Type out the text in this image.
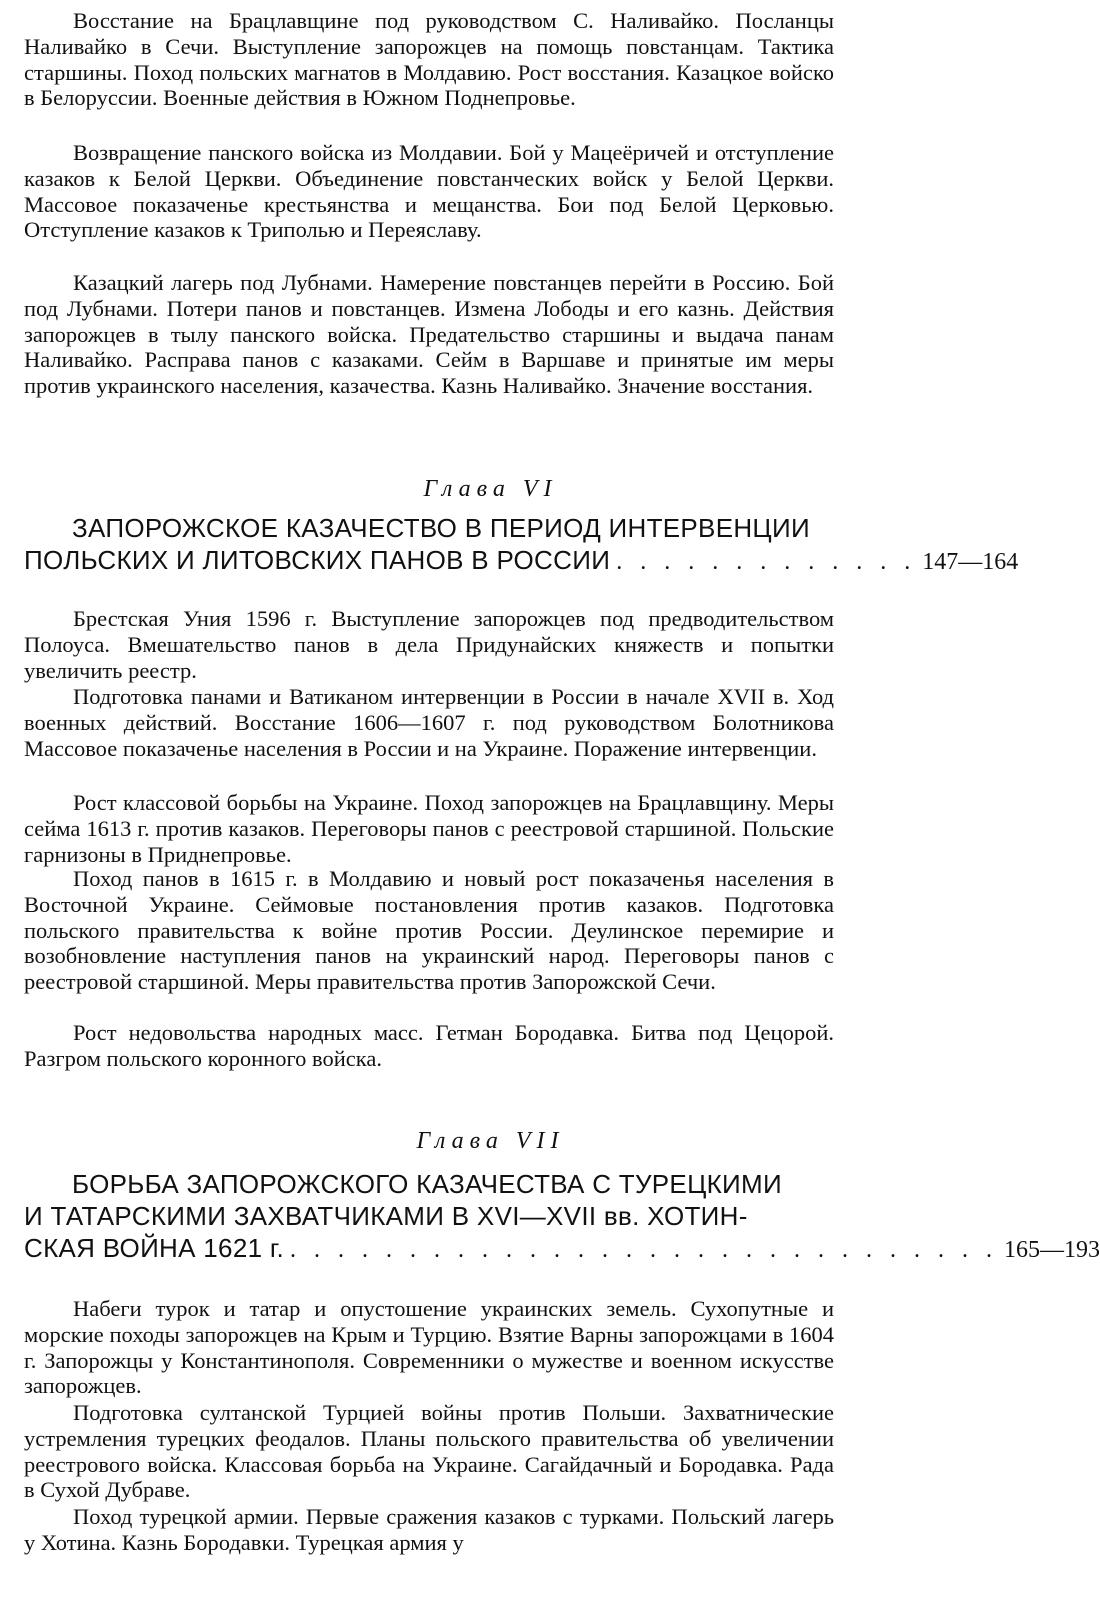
Восстание на Брацлавщине под руководством С. Наливайко. Посланцы Наливайко в Сечи. Выступление запорожцев на помощь повстанцам. Тактика старшины. Поход польских магнатов в Молдавию. Рост восстания. Казацкое войско в Белоруссии. Военные действия в Южном Поднепровье.

Возвращение панского войска из Молдавии. Бой у Мацеёричей и отступление казаков к Белой Церкви. Объединение повстанческих войск у Белой Церкви. Массовое показаченье крестьянства и мещанства. Бои под Белой Церковью. Отступление казаков к Триполью и Переяславу.

Казацкий лагерь под Лубнами. Намерение повстанцев перейти в Россию. Бой под Лубнами. Потери панов и повстанцев. Измена Лободы и его казнь. Действия запорожцев в тылу панского войска. Предательство старшины и выдача панам Наливайко. Расправа панов с казаками. Сейм в Варшаве и принятые им меры против украинского населения, казачества. Казнь Наливайко. Значение восстания.

Глава VI
ЗАПОРОЖСКОЕ КАЗАЧЕСТВО В ПЕРИОД ИНТЕРВЕНЦИИ
ПОЛЬСКИХ И ЛИТОВСКИХ ПАНОВ В РОССИИ . . . . . . . . . . . . . 147—164

Брестская Уния 1596 г. Выступление запорожцев под предводительством Полоуса. Вмешательство панов в дела Придунайских княжеств и попытки увеличить реестр.

Подготовка панами и Ватиканом интервенции в России в начале XVII в. Ход военных действий. Восстание 1606—1607 г. под руководством Болотникова Массовое показаченье населения в России и на Украине. Поражение интервенции.

Рост классовой борьбы на Украине. Поход запорожцев на Брацлавщину. Меры сейма 1613 г. против казаков. Переговоры панов с реестровой старшиной. Польские гарнизоны в Приднепровье.

Поход панов в 1615 г. в Молдавию и новый рост показаченья населения в Восточной Украине. Сеймовые постановления против казаков. Подготовка польского правительства к войне против России. Деулинское перемирие и возобновление наступления панов на украинский народ. Переговоры панов с реестровой старшиной. Меры правительства против Запорожской Сечи.

Рост недовольства народных масс. Гетман Бородавка. Битва под Цецорой. Разгром польского коронного войска.

Глава VII
БОРЬБА ЗАПОРОЖСКОГО КАЗАЧЕСТВА С ТУРЕЦКИМИ
И ТАТАРСКИМИ ЗАХВАТЧИКАМИ В XVI—XVII вв. ХОТИН-
СКАЯ ВОЙНА 1621 г. . . . . . . . . . . . . . . . . . . . . . . . . . . . . . . 165—193

Набеги турок и татар и опустошение украинских земель. Сухопутные и морские походы запорожцев на Крым и Турцию. Взятие Варны запорожцами в 1604 г. Запорожцы у Константинополя. Современники о мужестве и военном искусстве запорожцев.

Подготовка султанской Турцией войны против Польши. Захватнические устремления турецких феодалов. Планы польского правительства об увеличении реестрового войска. Классовая борьба на Украине. Сагайдачный и Бородавка. Рада в Сухой Дубраве.

Поход турецкой армии. Первые сражения казаков с турками. Польский лагерь у Хотина. Казнь Бородавки. Турецкая армия у
